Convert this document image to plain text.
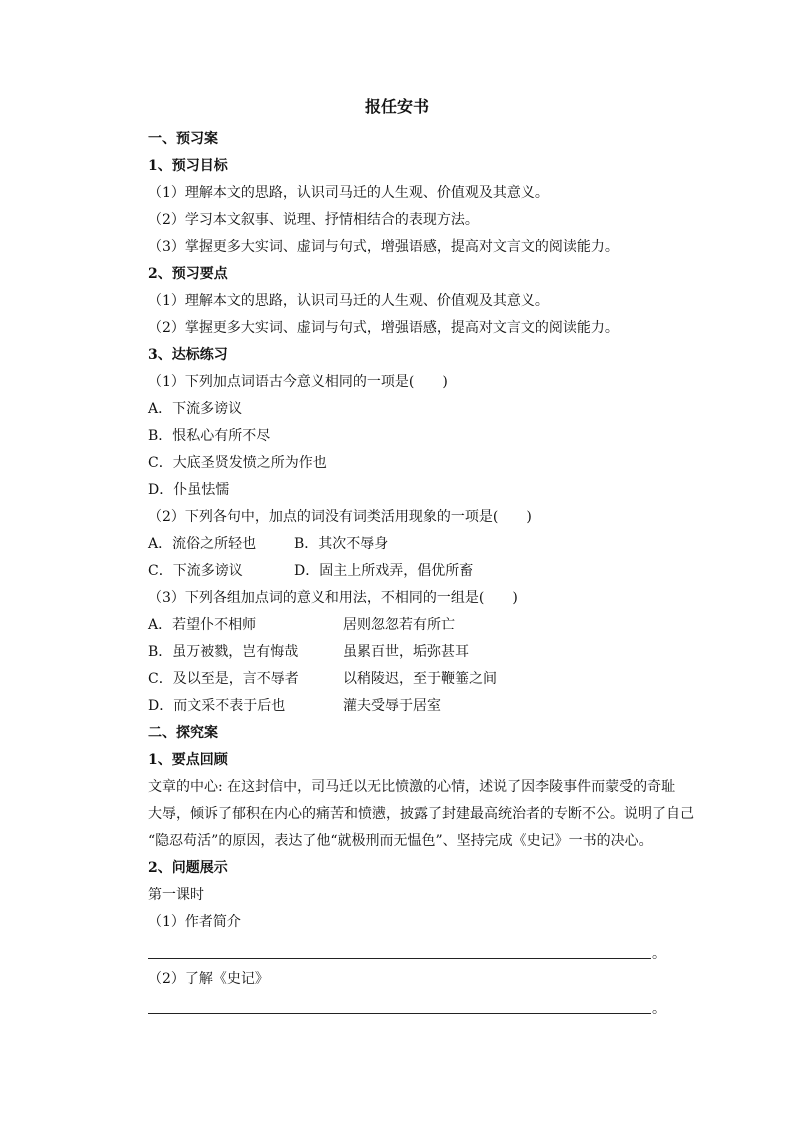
报任安书
一、预习案
1、预习目标
（1）理解本文的思路，认识司马迁的人生观、价值观及其意义。
（2）学习本文叙事、说理、抒情相结合的表现方法。
（3）掌握更多大实词、虚词与句式，增强语感，提高对文言文的阅读能力。
2、预习要点
（1）理解本文的思路，认识司马迁的人生观、价值观及其意义。
（2）掌握更多大实词、虚词与句式，增强语感，提高对文言文的阅读能力。
3、达标练习
（1）下列加点词语古今意义相同的一项是(　　)
A．下流多谤议
B．恨私心有所不尽
C．大底圣贤发愤之所为作也
D．仆虽怯懦
（2）下列各句中，加点的词没有词类活用现象的一项是(　　)
A．流俗之所轻也	B．其次不辱身
C．下流多谤议	D．固主上所戏弄，倡优所畜
（3）下列各组加点词的意义和用法，不相同的一组是(　　)
A．若望仆不相师	居则忽忽若有所亡
B．虽万被戮，岂有悔哉	虽累百世，垢弥甚耳
C．及以至是，言不辱者	以稍陵迟，至于鞭箠之间
D．而文采不表于后也	灌夫受辱于居室
二、探究案
1、要点回顾
文章的中心: 在这封信中，司马迁以无比愤激的心情，述说了因李陵事件而蒙受的奇耻
大辱，倾诉了郁积在内心的痛苦和愤懑，披露了封建最高统治者的专断不公。说明了自己
“隐忍苟活”的原因，表达了他“就极刑而无愠色”、坚持完成《史记》一书的决心。
2、问题展示
第一课时
（1）作者简介
。
（2）了解《史记》
。
